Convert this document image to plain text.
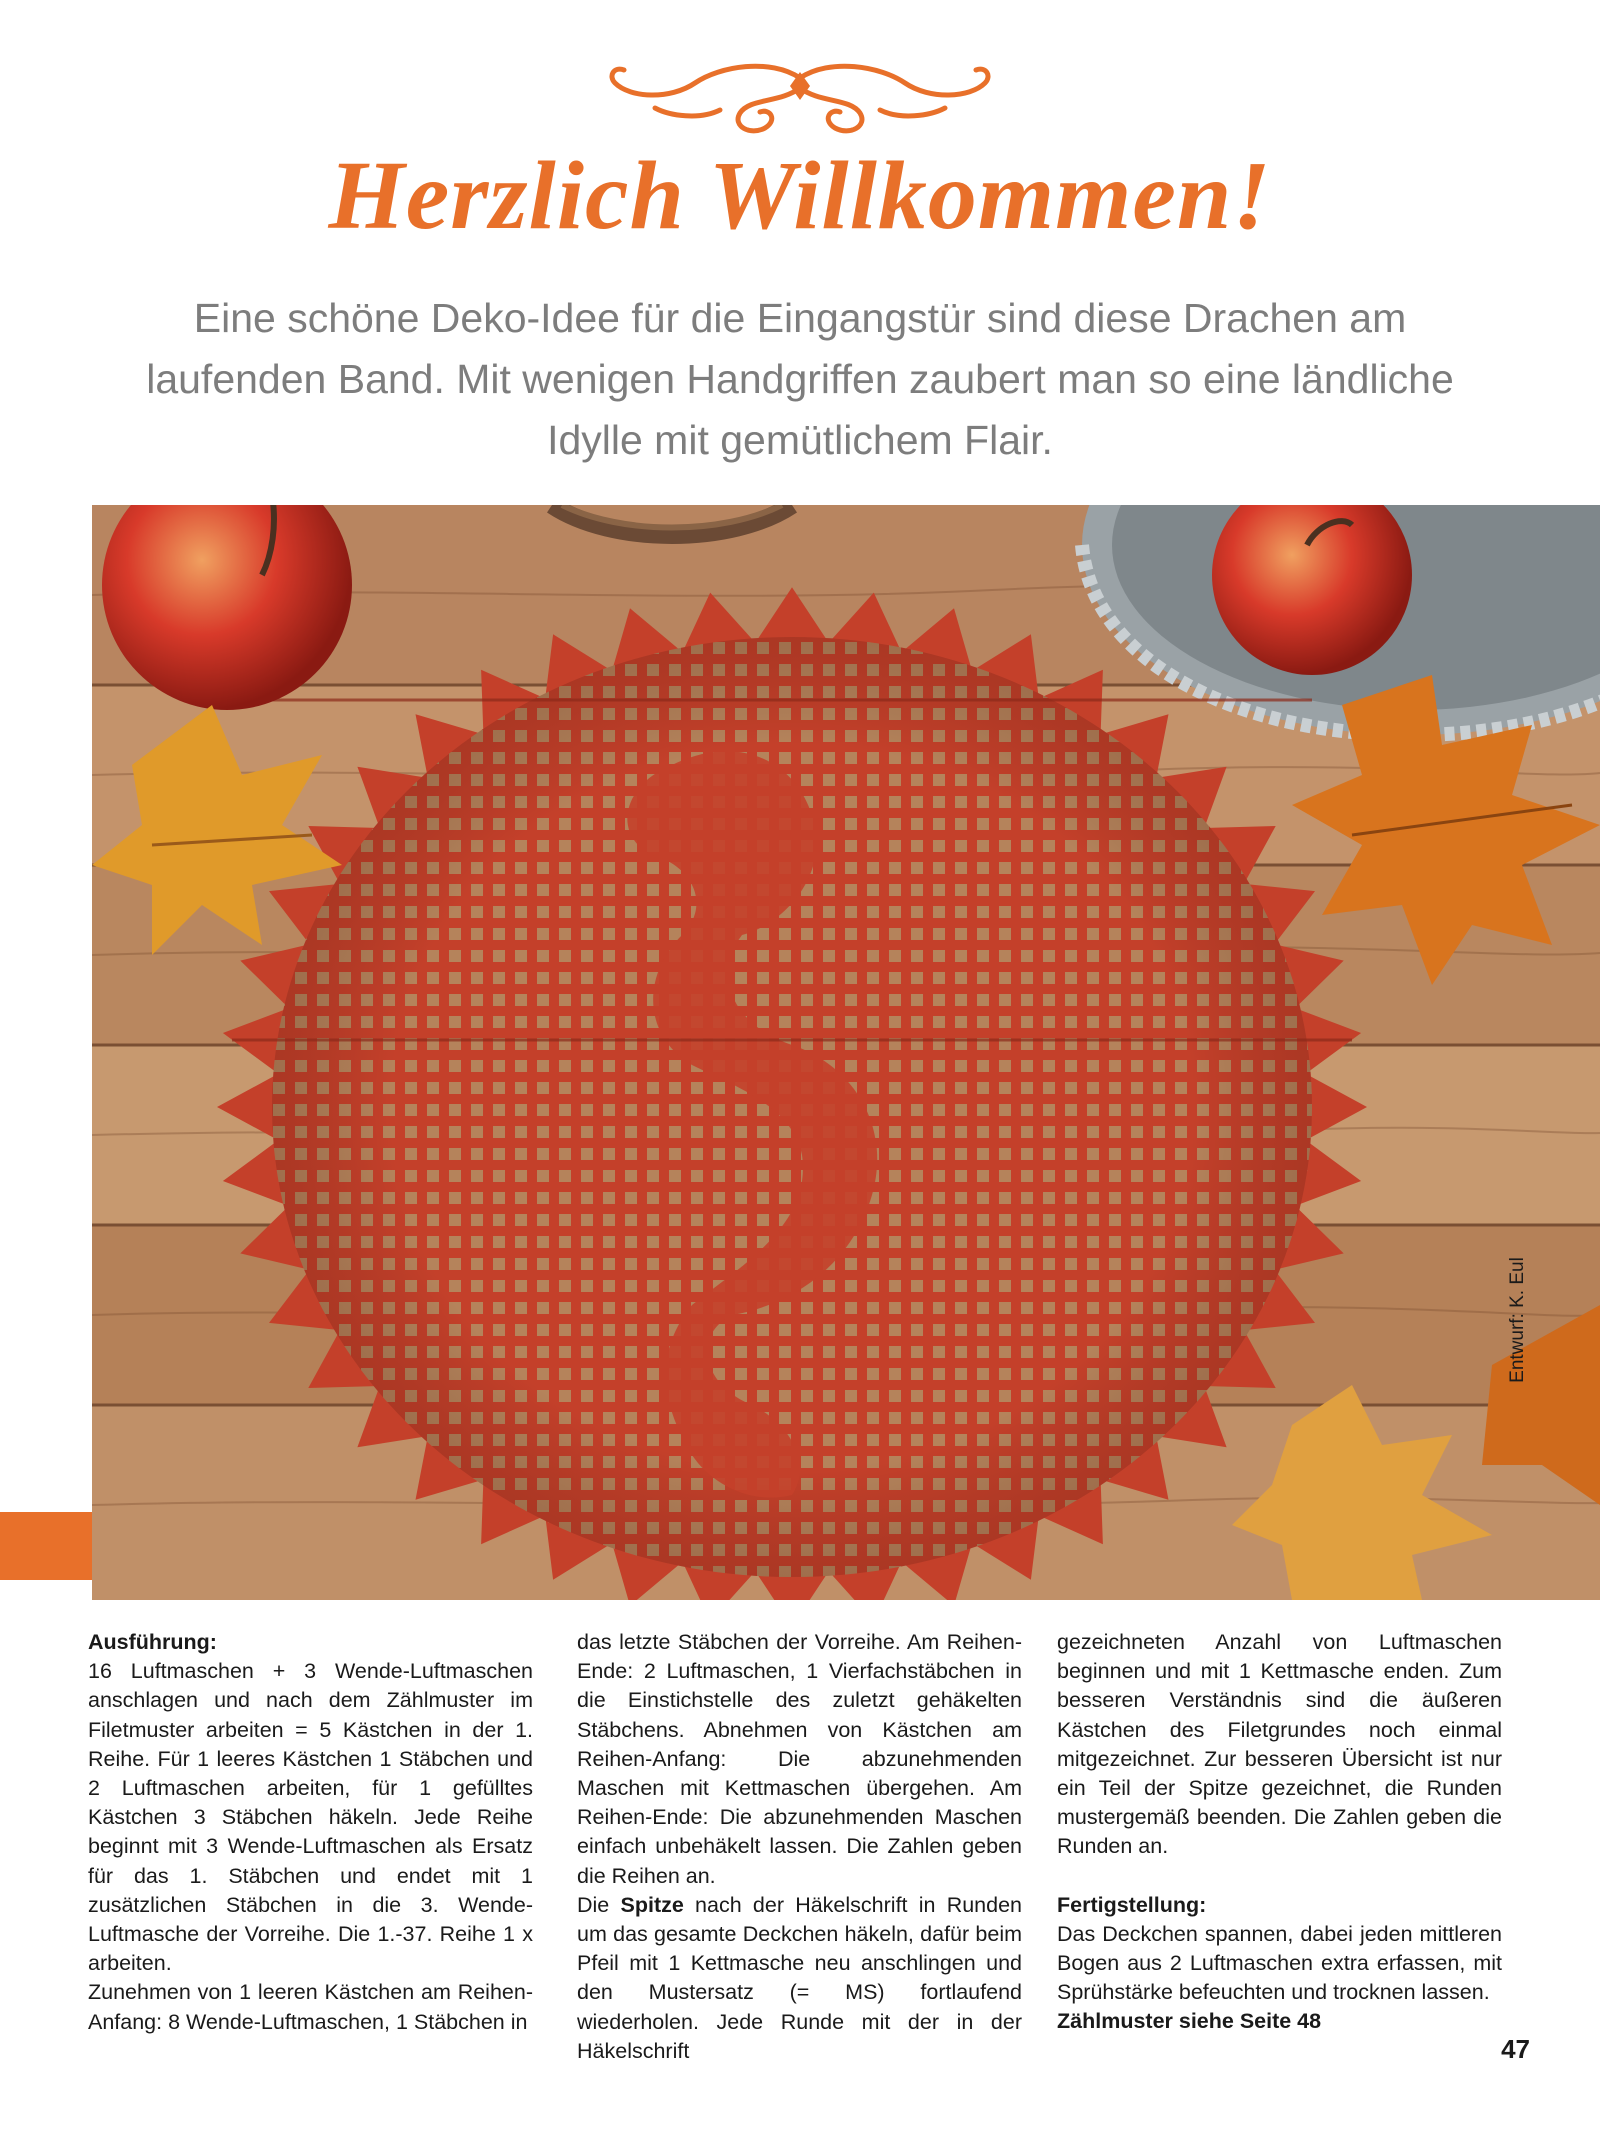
Herzlich Willkommen!

Eine schöne Deko-Idee für die Eingangstür sind diese Drachen am laufenden Band. Mit wenigen Handgriffen zaubert man so eine ländliche Idylle mit gemütlichem Flair.

Entwurf: K. Eul

Ausführung:

16 Luftmaschen + 3 Wende-Luftmaschen anschlagen und nach dem Zählmuster im Filetmuster arbeiten = 5 Kästchen in der 1. Reihe. Für 1 leeres Kästchen 1 Stäbchen und 2 Luftmaschen arbeiten, für 1 gefülltes Kästchen 3 Stäbchen häkeln. Jede Reihe beginnt mit 3 Wende-Luftmaschen als Ersatz für das 1. Stäbchen und endet mit 1 zusätzlichen Stäbchen in die 3. Wende-Luftmasche der Vorreihe. Die 1.-37. Reihe 1 x arbeiten.

Zunehmen von 1 leeren Kästchen am Reihen-Anfang: 8 Wende-Luftmaschen, 1 Stäbchen in

das letzte Stäbchen der Vorreihe. Am Reihen-Ende: 2 Luftmaschen, 1 Vierfachstäbchen in die Einstichstelle des zuletzt gehäkelten Stäbchens. Abnehmen von Kästchen am Reihen-Anfang: Die abzunehmenden Maschen mit Kettmaschen übergehen. Am Reihen-Ende: Die abzunehmenden Maschen einfach unbehäkelt lassen. Die Zahlen geben die Reihen an.

Die Spitze nach der Häkelschrift in Runden um das gesamte Deckchen häkeln, dafür beim Pfeil mit 1 Kettmasche neu anschlingen und den Mustersatz (= MS) fortlaufend wiederholen. Jede Runde mit der in der Häkelschrift

gezeichneten Anzahl von Luftmaschen beginnen und mit 1 Kettmasche enden. Zum besseren Verständnis sind die äußeren Kästchen des Filetgrundes noch einmal mitgezeichnet. Zur besseren Übersicht ist nur ein Teil der Spitze gezeichnet, die Runden mustergemäß beenden. Die Zahlen geben die Runden an.

Fertigstellung:

Das Deckchen spannen, dabei jeden mittleren Bogen aus 2 Luftmaschen extra erfassen, mit Sprühstärke befeuchten und trocknen lassen.

Zählmuster siehe Seite 48

47
